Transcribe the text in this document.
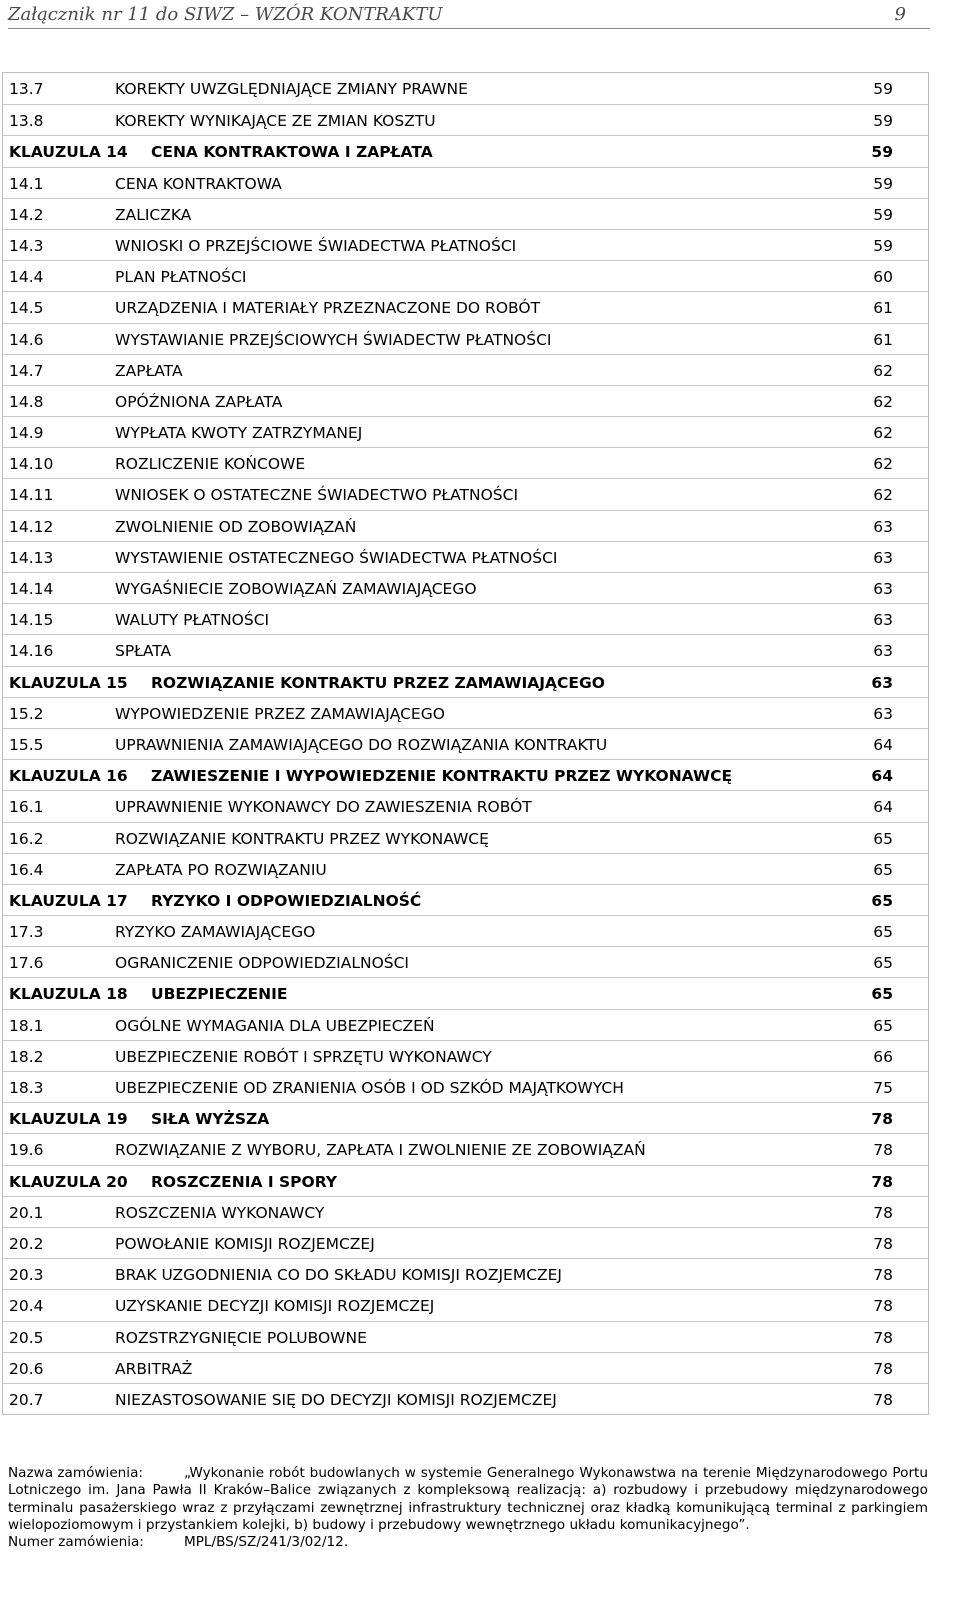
Załącznik nr 11 do SIWZ – WZÓR KONTRAKTU	9
13.7	KOREKTY UWZGLĘDNIAJĄCE ZMIANY PRAWNE	59
13.8	KOREKTY WYNIKAJĄCE ZE ZMIAN KOSZTU	59
KLAUZULA 14 CENA KONTRAKTOWA I ZAPŁATA	59
14.1	CENA KONTRAKTOWA	59
14.2	ZALICZKA	59
14.3	WNIOSKI O PRZEJŚCIOWE ŚWIADECTWA PŁATNOŚCI	59
14.4	PLAN PŁATNOŚCI	60
14.5	URZĄDZENIA I MATERIAŁY PRZEZNACZONE DO ROBÓT	61
14.6	WYSTAWIANIE PRZEJŚCIOWYCH ŚWIADECTW PŁATNOŚCI	61
14.7	ZAPŁATA	62
14.8	OPÓŹNIONA ZAPŁATA	62
14.9	WYPŁATA KWOTY ZATRZYMANEJ	62
14.10	ROZLICZENIE KOŃCOWE	62
14.11	WNIOSEK O OSTATECZNE ŚWIADECTWO PŁATNOŚCI	62
14.12	ZWOLNIENIE OD ZOBOWIĄZAŃ	63
14.13	WYSTAWIENIE OSTATECZNEGO ŚWIADECTWA PŁATNOŚCI	63
14.14	WYGAŚNIECIE ZOBOWIĄZAŃ ZAMAWIAJĄCEGO	63
14.15	WALUTY PŁATNOŚCI	63
14.16	SPŁATA	63
KLAUZULA 15 ROZWIĄZANIE KONTRAKTU PRZEZ ZAMAWIAJĄCEGO	63
15.2	WYPOWIEDZENIE PRZEZ ZAMAWIAJĄCEGO	63
15.5	UPRAWNIENIA ZAMAWIAJĄCEGO DO ROZWIĄZANIA KONTRAKTU	64
KLAUZULA 16 ZAWIESZENIE I WYPOWIEDZENIE KONTRAKTU PRZEZ WYKONAWCĘ	64
16.1	UPRAWNIENIE WYKONAWCY DO ZAWIESZENIA ROBÓT	64
16.2	ROZWIĄZANIE KONTRAKTU PRZEZ WYKONAWCĘ	65
16.4	ZAPŁATA PO ROZWIĄZANIU	65
KLAUZULA 17 RYZYKO I ODPOWIEDZIALNOŚĆ	65
17.3	RYZYKO ZAMAWIAJĄCEGO	65
17.6	OGRANICZENIE ODPOWIEDZIALNOŚCI	65
KLAUZULA 18 UBEZPIECZENIE	65
18.1	OGÓLNE WYMAGANIA DLA UBEZPIECZEŃ	65
18.2	UBEZPIECZENIE ROBÓT I SPRZĘTU WYKONAWCY	66
18.3	UBEZPIECZENIE OD ZRANIENIA OSÓB I OD SZKÓD MAJĄTKOWYCH	75
KLAUZULA 19 SIŁA WYŻSZA	78
19.6	ROZWIĄZANIE Z WYBORU, ZAPŁATA I ZWOLNIENIE ZE ZOBOWIĄZAŃ	78
KLAUZULA 20 ROSZCZENIA I SPORY	78
20.1	ROSZCZENIA WYKONAWCY	78
20.2	POWOŁANIE KOMISJI ROZJEMCZEJ	78
20.3	BRAK UZGODNIENIA CO DO SKŁADU KOMISJI ROZJEMCZEJ	78
20.4	UZYSKANIE DECYZJI KOMISJI ROZJEMCZEJ	78
20.5	ROZSTRZYGNIĘCIE POLUBOWNE	78
20.6	ARBITRAŻ	78
20.7	NIEZASTOSOWANIE SIĘ DO DECYZJI KOMISJI ROZJEMCZEJ	78

Nazwa zamówienia:	„Wykonanie robót budowlanych w systemie Generalnego Wykonawstwa na terenie Międzynarodowego Portu Lotniczego im. Jana Pawła II Kraków–Balice związanych z kompleksową realizacją: a) rozbudowy i przebudowy międzynarodowego terminalu pasażerskiego wraz z przyłączami zewnętrznej infrastruktury technicznej oraz kładką komunikującą terminal z parkingiem wielopoziomowym i przystankiem kolejki, b) budowy i przebudowy wewnętrznego układu komunikacyjnego”.

Numer zamówienia:	MPL/BS/SZ/241/3/02/12.
